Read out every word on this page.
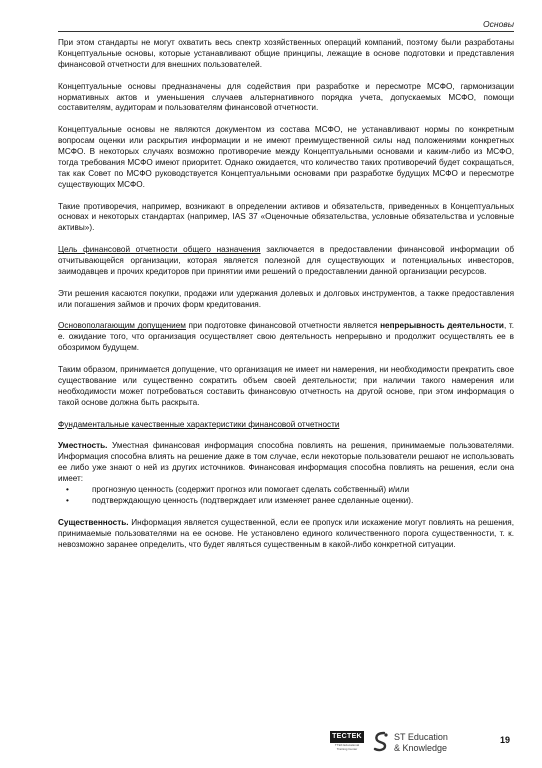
Основы

При этом стандарты не могут охватить весь спектр хозяйственных операций компаний, поэтому были разработаны Концептуальные основы, которые устанавливают общие принципы, лежащие в основе подготовки и представления финансовой отчетности для внешних пользователей.

Концептуальные основы предназначены для содействия при разработке и пересмотре МСФО, гармонизации нормативных актов и уменьшения случаев альтернативного порядка учета, допускаемых МСФО, помощи составителям, аудиторам и пользователям финансовой отчетности.

Концептуальные основы не являются документом из состава МСФО, не устанавливают нормы по конкретным вопросам оценки или раскрытия информации и не имеют преимущественной силы над положениями конкретных МСФО. В некоторых случаях возможно противоречие между Концептуальными основами и каким-либо из МСФО, тогда требования МСФО имеют приоритет. Однако ожидается, что количество таких противоречий будет сокращаться, так как Совет по МСФО руководствуется Концептуальными основами при разработке будущих МСФО и пересмотре существующих МСФО.

Такие противоречия, например, возникают в определении активов и обязательств, приведенных в Концептуальных основах и некоторых стандартах (например, IAS 37 «Оценочные обязательства, условные обязательства и условные активы»).

Цель финансовой отчетности общего назначения заключается в предоставлении финансовой информации об отчитывающейся организации, которая является полезной для существующих и потенциальных инвесторов, заимодавцев и прочих кредиторов при принятии ими решений о предоставлении данной организации ресурсов.

Эти решения касаются покупки, продажи или удержания долевых и долговых инструментов, а также предоставления или погашения займов и прочих форм кредитования.

Основополагающим допущением при подготовке финансовой отчетности является непрерывность деятельности, т. е. ожидание того, что организация осуществляет свою деятельность непрерывно и продолжит осуществлять ее в обозримом будущем.

Таким образом, принимается допущение, что организация не имеет ни намерения, ни необходимости прекратить свое существование или существенно сократить объем своей деятельности; при наличии такого намерения или необходимости может потребоваться составить финансовую отчетность на другой основе, при этом информация о такой основе должна быть раскрыта.

Фундаментальные качественные характеристики финансовой отчетности

Уместность. Уместная финансовая информация способна повлиять на решения, принимаемые пользователями. Информация способна влиять на решение даже в том случае, если некоторые пользователи решают не использовать ее либо уже знают о ней из других источников. Финансовая информация способна повлиять на решения, если она имеет:

• прогнозную ценность (содержит прогноз или помогает сделать собственный) и/или
• подтверждающую ценность (подтверждает или изменяет ранее сделанные оценки).

Существенность. Информация является существенной, если ее пропуск или искажение могут повлиять на решения, принимаемые пользователями на ее основе. Не установлено единого количественного порога существенности, т. к. невозможно заранее определить, что будет являться существенным в какой-либо конкретной ситуации.

TECTEK
TTEK Educational Training Center
ST Education
& Knowledge
19
